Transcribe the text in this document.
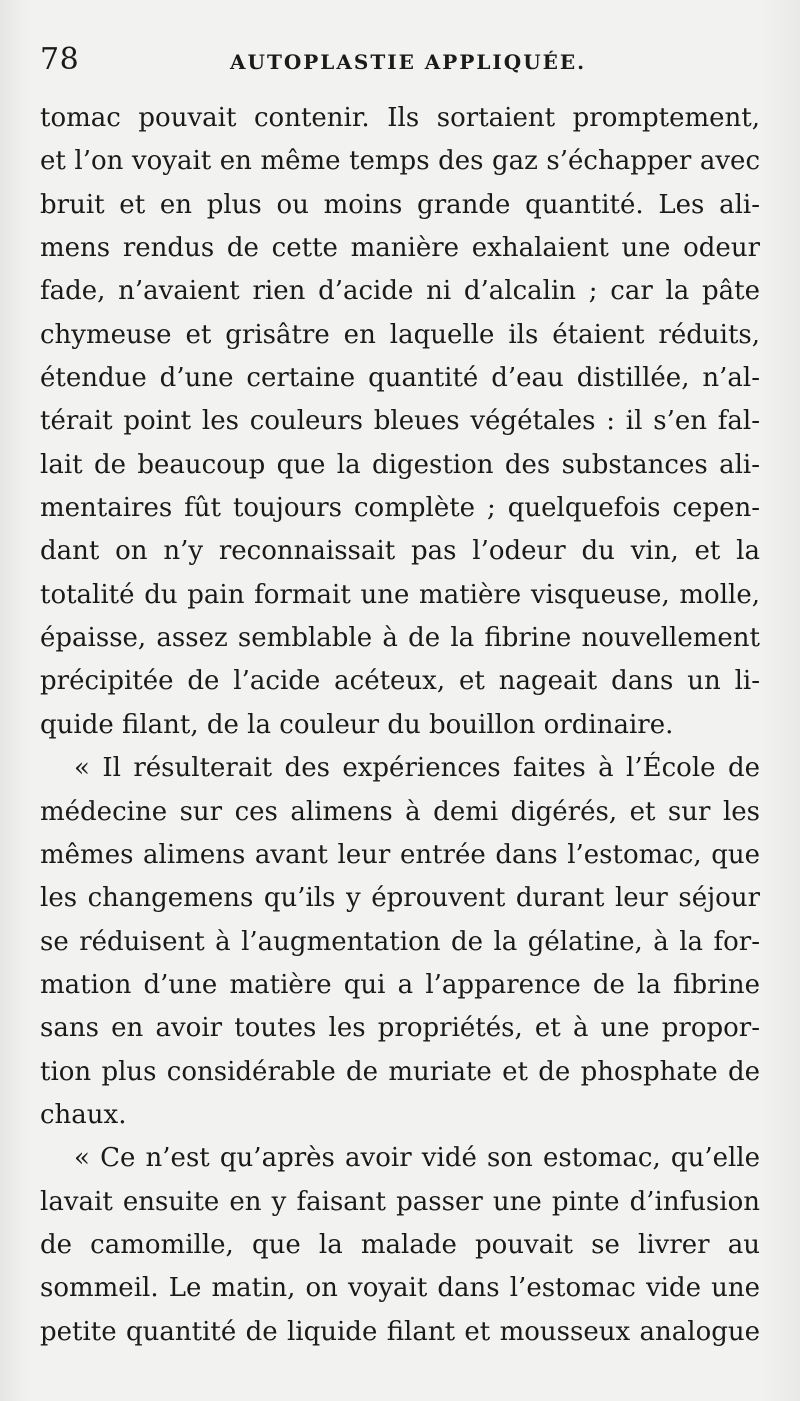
78	AUTOPLASTIE APPLIQUÉE.
tomac pouvait contenir. Ils sortaient promptement,
et l’on voyait en même temps des gaz s’échapper avec
bruit et en plus ou moins grande quantité. Les ali-
mens rendus de cette manière exhalaient une odeur
fade, n’avaient rien d’acide ni d’alcalin ; car la pâte
chymeuse et grisâtre en laquelle ils étaient réduits,
étendue d’une certaine quantité d’eau distillée, n’al-
térait point les couleurs bleues végétales : il s’en fal-
lait de beaucoup que la digestion des substances ali-
mentaires fût toujours complète ; quelquefois cepen-
dant on n’y reconnaissait pas l’odeur du vin, et la
totalité du pain formait une matière visqueuse, molle,
épaisse, assez semblable à de la fibrine nouvellement
précipitée de l’acide acéteux, et nageait dans un li-
quide filant, de la couleur du bouillon ordinaire.
« Il résulterait des expériences faites à l’École de
médecine sur ces alimens à demi digérés, et sur les
mêmes alimens avant leur entrée dans l’estomac, que
les changemens qu’ils y éprouvent durant leur séjour
se réduisent à l’augmentation de la gélatine, à la for-
mation d’une matière qui a l’apparence de la fibrine
sans en avoir toutes les propriétés, et à une propor-
tion plus considérable de muriate et de phosphate de
chaux.
« Ce n’est qu’après avoir vidé son estomac, qu’elle
lavait ensuite en y faisant passer une pinte d’infusion
de camomille, que la malade pouvait se livrer au
sommeil. Le matin, on voyait dans l’estomac vide une
petite quantité de liquide filant et mousseux analogue
